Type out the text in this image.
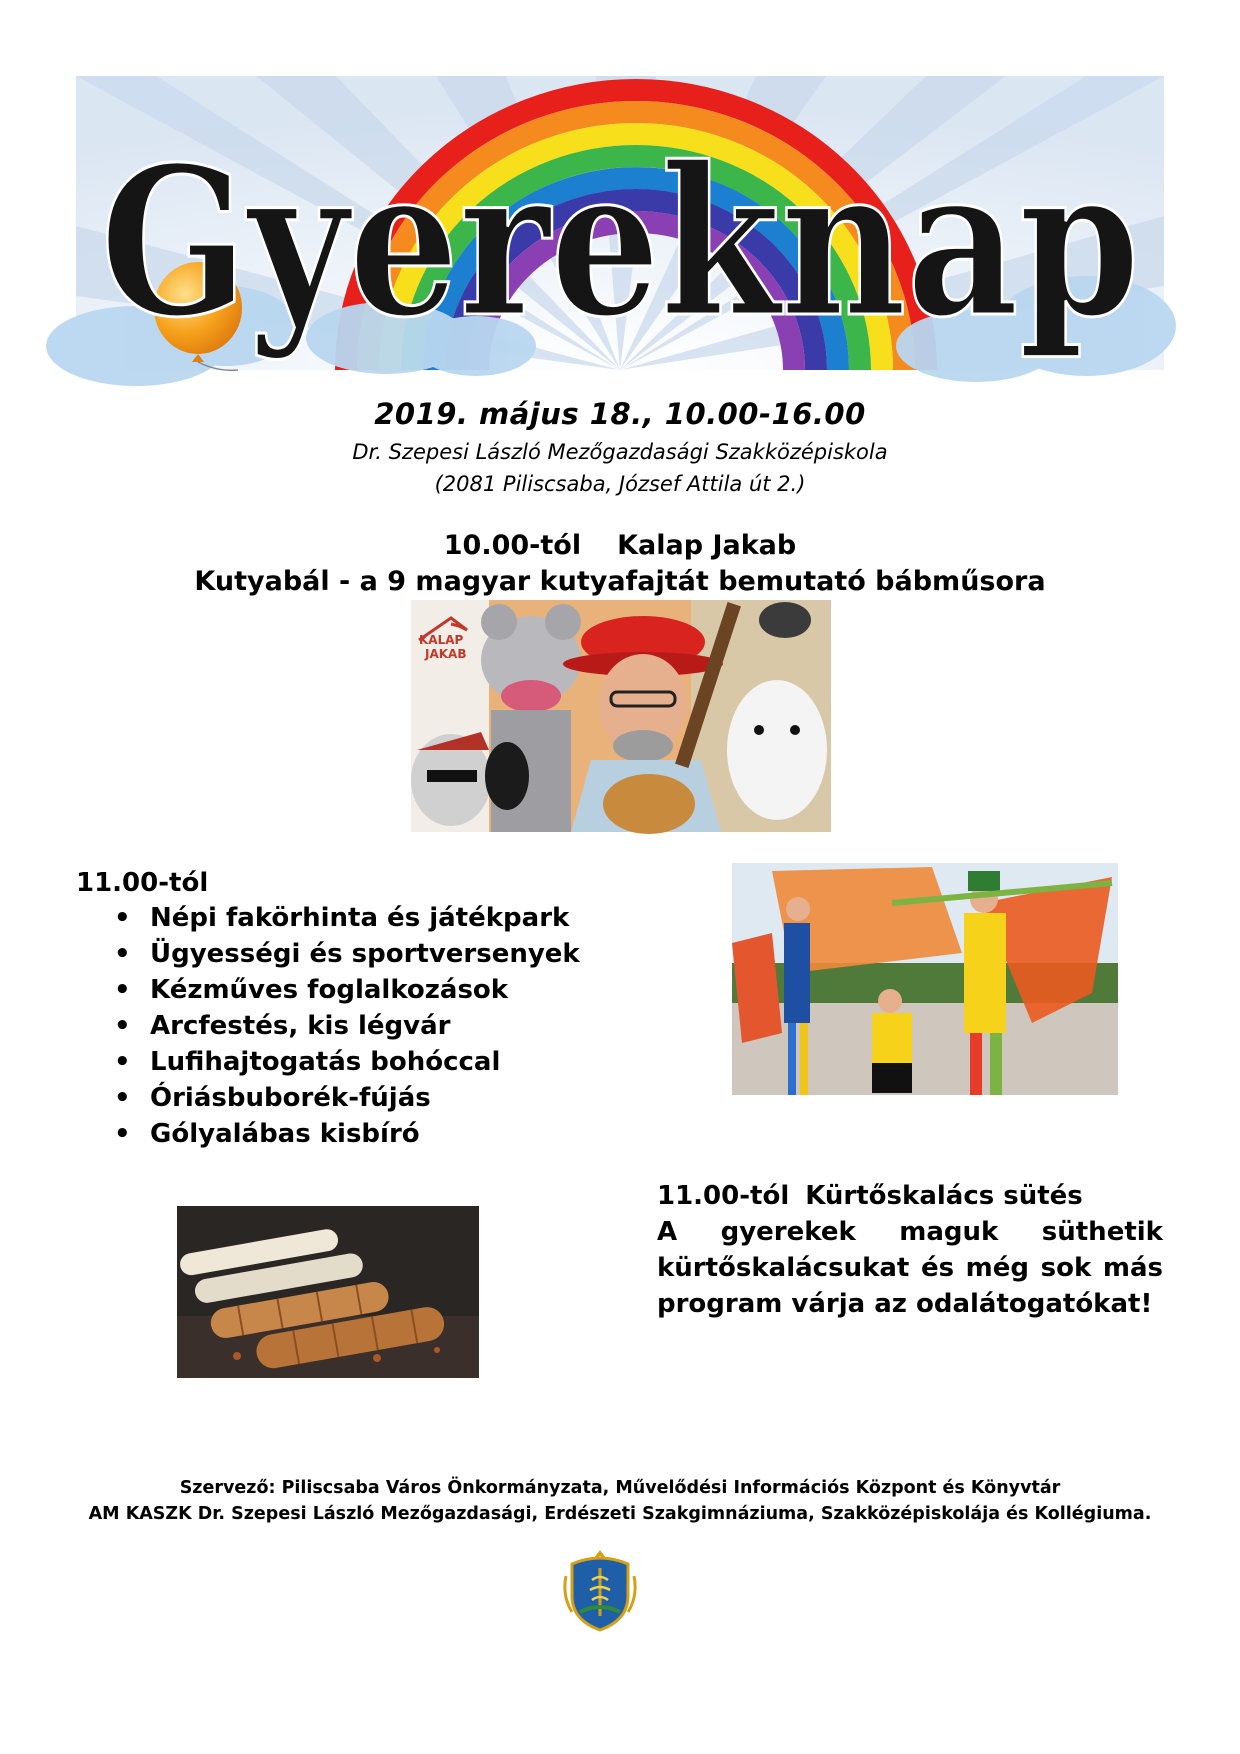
Gyereknap
2019. május 18., 10.00-16.00
Dr. Szepesi László Mezőgazdasági Szakközépiskola
(2081 Piliscsaba, József Attila út 2.)
10.00-tól Kalap Jakab
Kutyabál - a 9 magyar kutyafajtát bemutató bábműsora
KALAP
JAKAB
11.00-tól
• Népi fakörhinta és játékpark
• Ügyességi és sportversenyek
• Kézműves foglalkozások
• Arcfestés, kis légvár
• Lufihajtogatás bohóccal
• Óriásbuborék-fújás
• Gólyalábas kisbíró
11.00-tól Kürtőskalács sütés
A gyerekek maguk süthetik
kürtőskalácsukat és még sok más program várja az odalátogatókat!
Szervező: Piliscsaba Város Önkormányzata, Művelődési Információs Központ és Könyvtár
AM KASZK Dr. Szepesi László Mezőgazdasági, Erdészeti Szakgimnáziuma, Szakközépiskolája és Kollégiuma.
